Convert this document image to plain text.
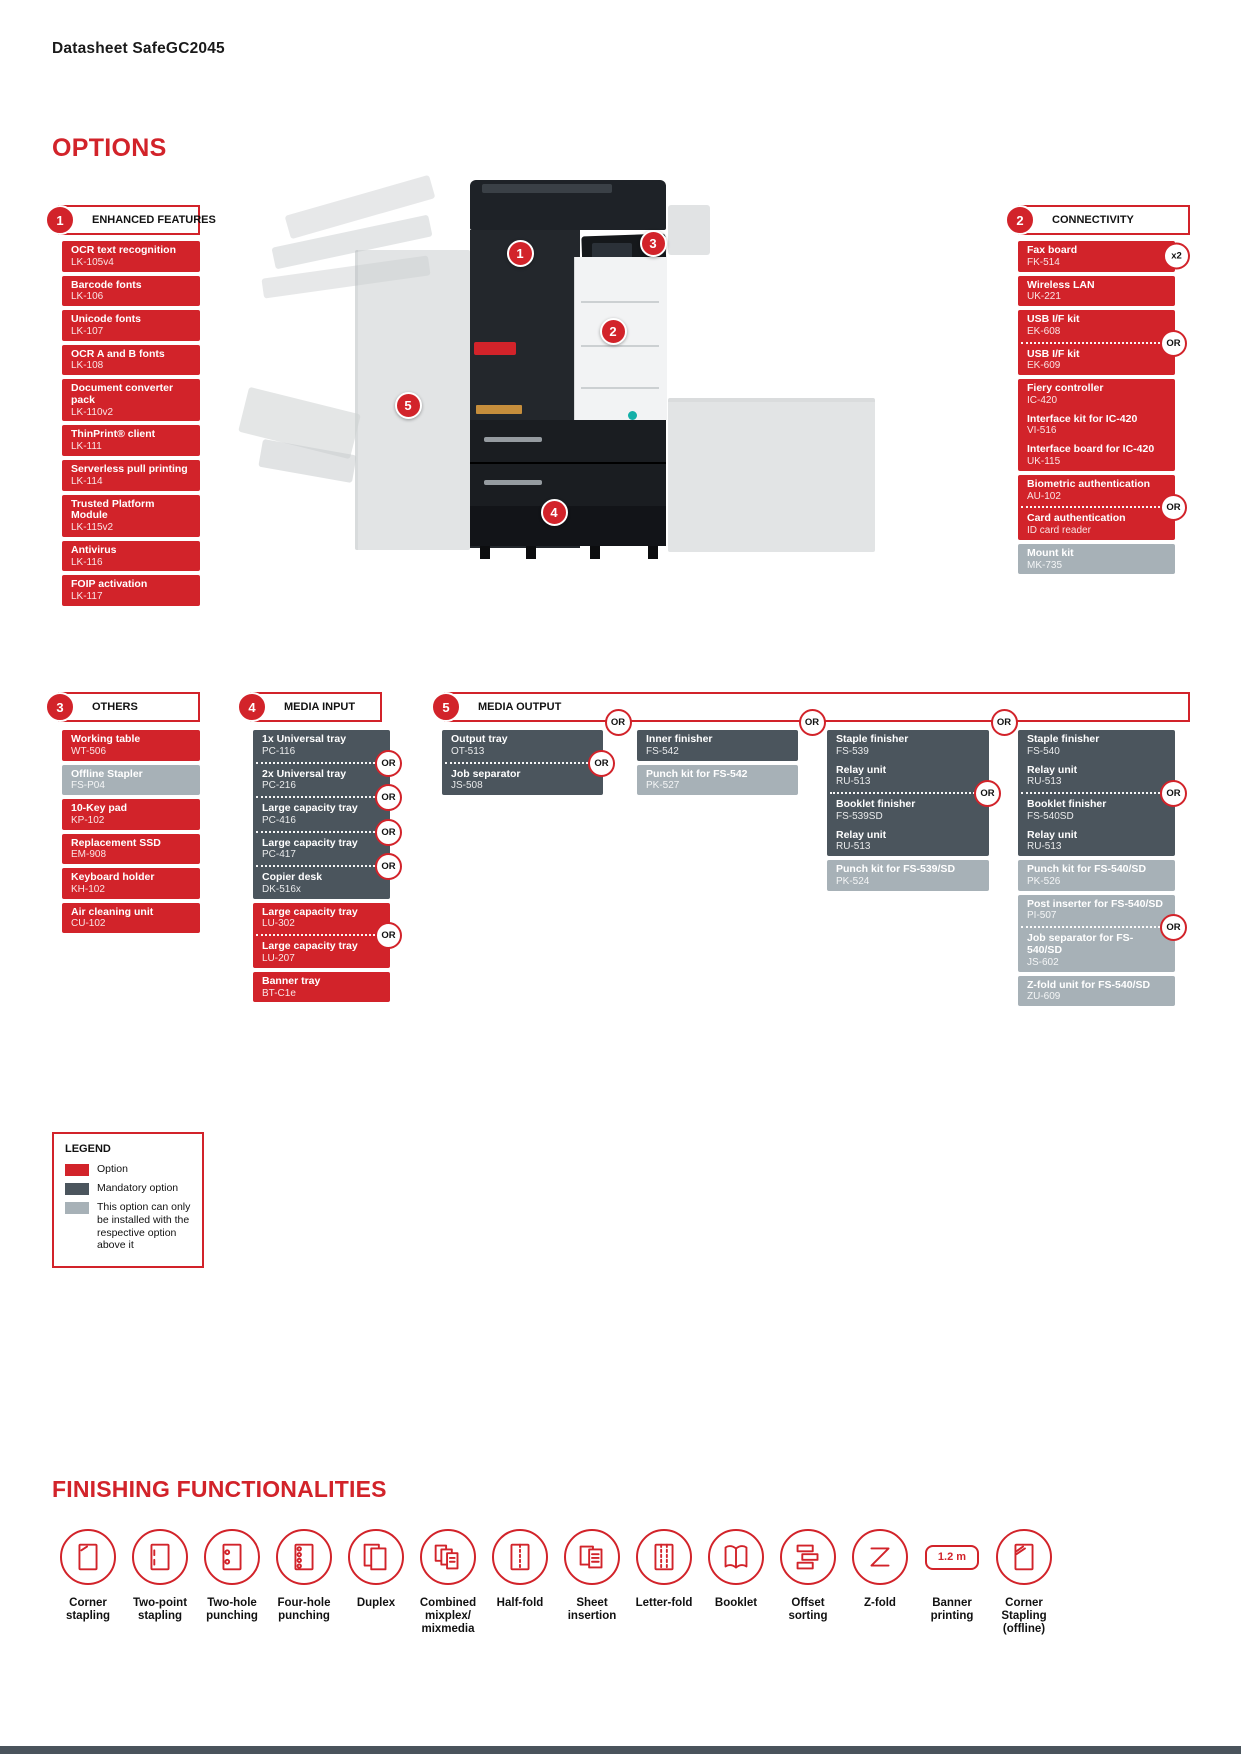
Datasheet SafeGC2045
OPTIONS
1
2
3
4
5
1	ENHANCED FEATURES
OCR text recognition
LK-105v4
Barcode fonts
LK-106
Unicode fonts
LK-107
OCR A and B fonts
LK-108
Document converter pack
LK-110v2
ThinPrint® client
LK-111
Serverless pull printing
LK-114
Trusted Platform Module
LK-115v2
Antivirus
LK-116
FOIP activation
LK-117
2	CONNECTIVITY
Fax board
FK-514
x2
Wireless LAN
UK-221
USB I/F kit
EK-608
OR
USB I/F kit
EK-609
Fiery controller
IC-420
Interface kit for IC-420
VI-516
Interface board for IC-420
UK-115
Biometric authentication
AU-102
OR
Card authentication
ID card reader
Mount kit
MK-735
3	OTHERS
Working table
WT-506
Offline Stapler
FS-P04
10-Key pad
KP-102
Replacement SSD
EM-908
Keyboard holder
KH-102
Air cleaning unit
CU-102
4	MEDIA INPUT
1x Universal tray
PC-116
OR
2x Universal tray
PC-216
OR
Large capacity tray
PC-416
OR
Large capacity tray
PC-417
OR
Copier desk
DK-516x
Large capacity tray
LU-302
OR
Large capacity tray
LU-207
Banner tray
BT-C1e
5	MEDIA OUTPUT
Output tray
OT-513
OR
Job separator
JS-508
Inner finisher
FS-542
Punch kit for FS-542
PK-527
Staple finisher
FS-539
Relay unit
RU-513
OR
Booklet finisher
FS-539SD
Relay unit
RU-513
Punch kit for FS-539/SD
PK-524
Staple finisher
FS-540
Relay unit
RU-513
OR
Booklet finisher
FS-540SD
Relay unit
RU-513
Punch kit for FS-540/SD
PK-526
Post inserter for FS-540/SD
PI-507
OR
Job separator for FS-540/SD
JS-602
Z-fold unit for FS-540/SD
ZU-609
OR	OR	OR
LEGEND
Option
Mandatory option
This option can only be installed with the respective option above it
FINISHING FUNCTIONALITIES
Corner stapling
Two-point stapling
Two-hole punching
Four-hole punching
Duplex	Combined mixplex/ mixmedia
Half-fold	Sheet insertion
Letter-fold Booklet	Offset sorting
Z-fold
1.2 m
Banner printing
Corner Stapling (offline)
